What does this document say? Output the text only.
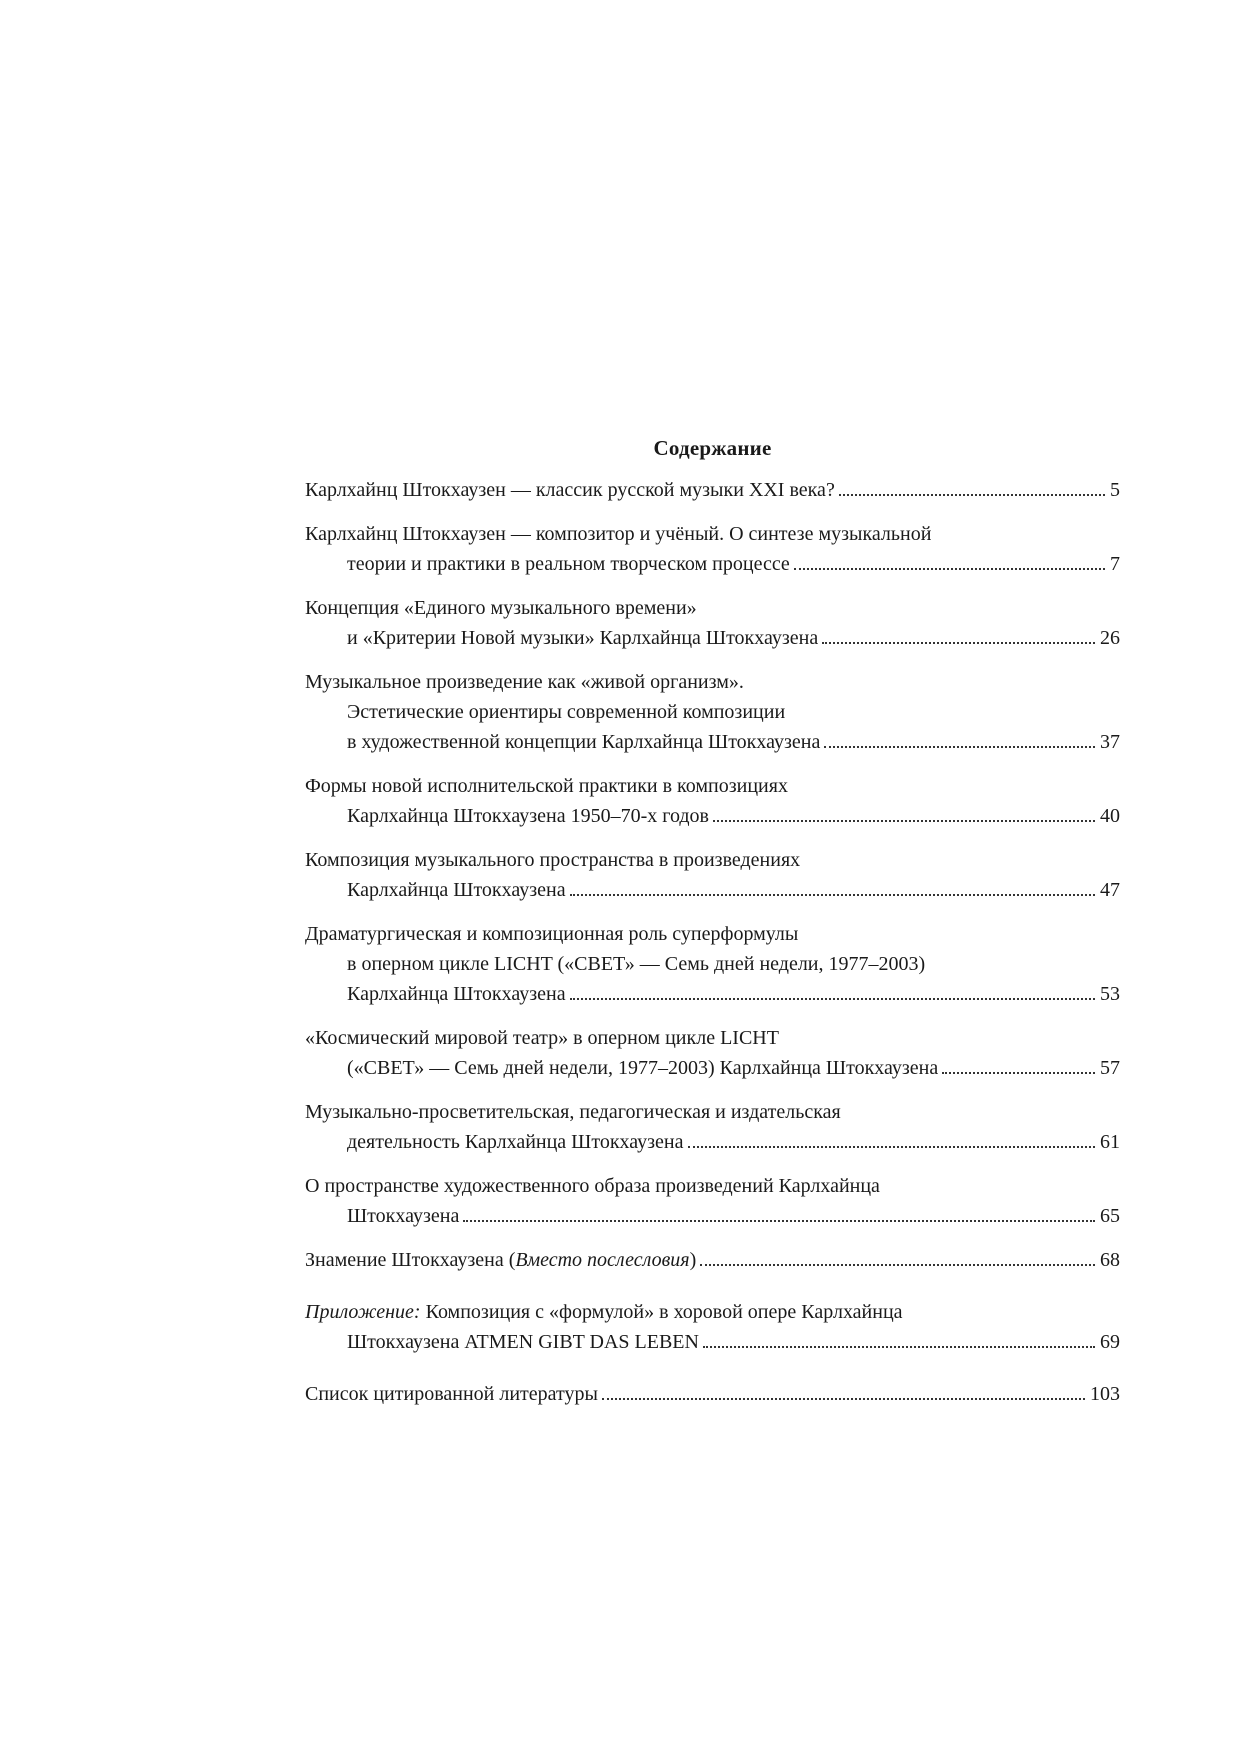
Содержание
Карлхайнц Штокхаузен — классик русской музыки XXI века?	5
Карлхайнц Штокхаузен — композитор и учёный. О синтезе музыкальной
теории и практики в реальном творческом процессе	7
Концепция «Единого музыкального времени»
и «Критерии Новой музыки» Карлхайнца Штокхаузена	26
Музыкальное произведение как «живой организм».
Эстетические ориентиры современной композиции
в художественной концепции Карлхайнца Штокхаузена	37
Формы новой исполнительской практики в композициях
Карлхайнца Штокхаузена 1950–70-х годов	40
Композиция музыкального пространства в произведениях
Карлхайнца Штокхаузена	47
Драматургическая и композиционная роль суперформулы
в оперном цикле LICHT («СВЕТ» — Семь дней недели, 1977–2003)
Карлхайнца Штокхаузена	53
«Космический мировой театр» в оперном цикле LICHT
(«СВЕТ» — Семь дней недели, 1977–2003) Карлхайнца Штокхаузена	57
Музыкально-просветительская, педагогическая и издательская
деятельность Карлхайнца Штокхаузена	61
О пространстве художественного образа произведений Карлхайнца
Штокхаузена	65
Знамение Штокхаузена (Вместо послесловия)	68
Приложение: Композиция с «формулой» в хоровой опере Карлхайнца
Штокхаузена ATMEN GIBT DAS LEBEN	69
Список цитированной литературы	103
